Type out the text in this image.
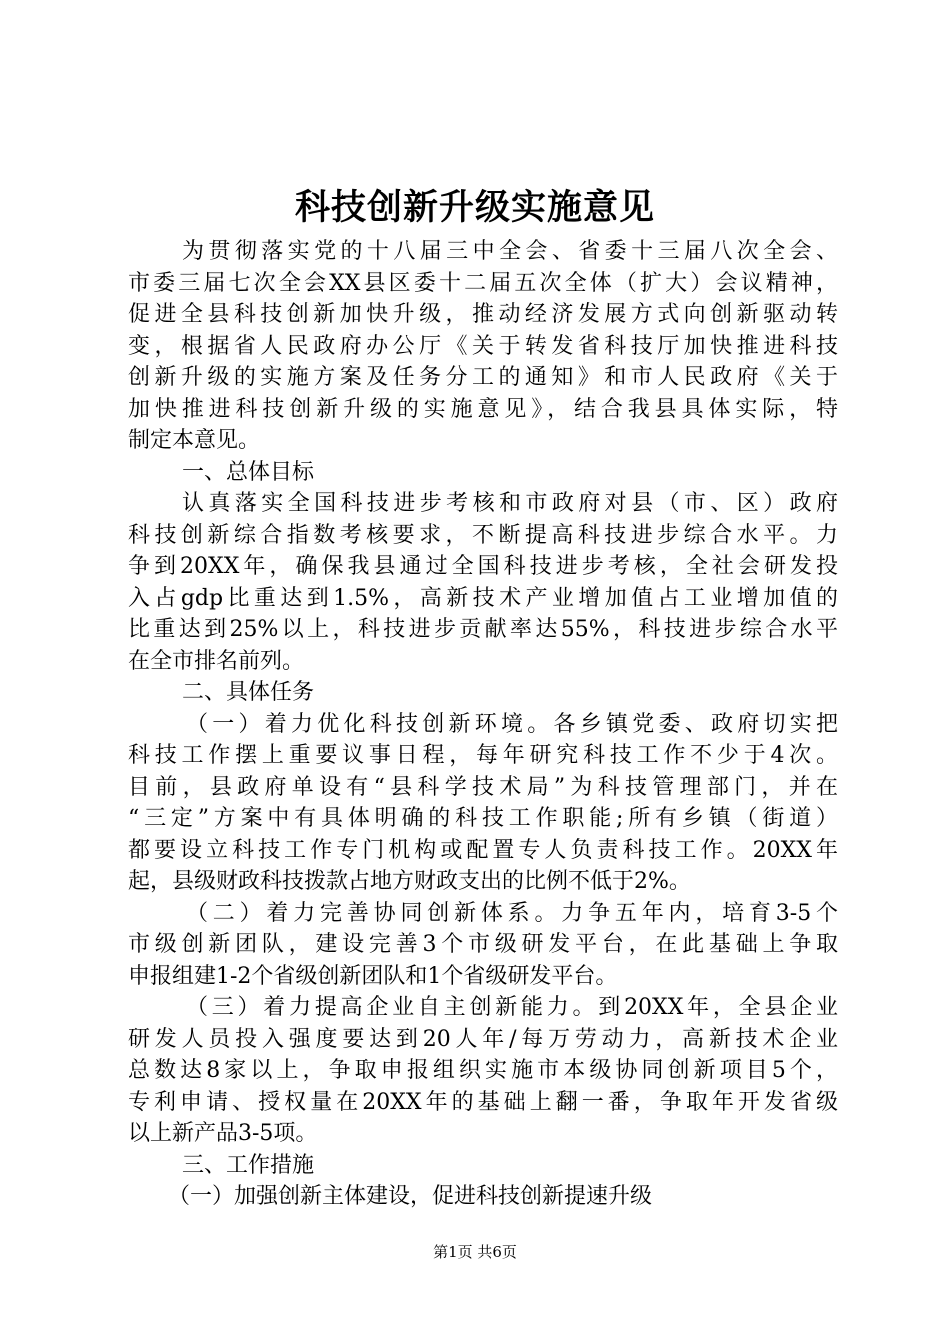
科技创新升级实施意见
为贯彻落实党的十八届三中全会、省委十三届八次全会、
市委三届七次全会XX县区委十二届五次全体（扩大）会议精神，
促进全县科技创新加快升级，推动经济发展方式向创新驱动转
变，根据省人民政府办公厅《关于转发省科技厅加快推进科技
创新升级的实施方案及任务分工的通知》和市人民政府《关于
加快推进科技创新升级的实施意见》，结合我县具体实际，特
制定本意见。
一、总体目标
认真落实全国科技进步考核和市政府对县（市、区）政府
科技创新综合指数考核要求，不断提高科技进步综合水平。力
争到20XX年，确保我县通过全国科技进步考核，全社会研发投
入占gdp比重达到1.5%，高新技术产业增加值占工业增加值的
比重达到25%以上，科技进步贡献率达55%，科技进步综合水平
在全市排名前列。
二、具体任务
（一）着力优化科技创新环境。各乡镇党委、政府切实把
科技工作摆上重要议事日程，每年研究科技工作不少于4次。
目前，县政府单设有“县科学技术局”为科技管理部门，并在
“三定”方案中有具体明确的科技工作职能;所有乡镇（街道）
都要设立科技工作专门机构或配置专人负责科技工作。20XX年
起，县级财政科技拨款占地方财政支出的比例不低于2%。
（二）着力完善协同创新体系。力争五年内，培育3-5个
市级创新团队，建设完善3个市级研发平台，在此基础上争取
申报组建1-2个省级创新团队和1个省级研发平台。
（三）着力提高企业自主创新能力。到20XX年，全县企业
研发人员投入强度要达到20人年/每万劳动力，高新技术企业
总数达8家以上，争取申报组织实施市本级协同创新项目5个，
专利申请、授权量在20XX年的基础上翻一番，争取年开发省级
以上新产品3-5项。
三、工作措施
（一）加强创新主体建设，促进科技创新提速升级
第1页 共6页
